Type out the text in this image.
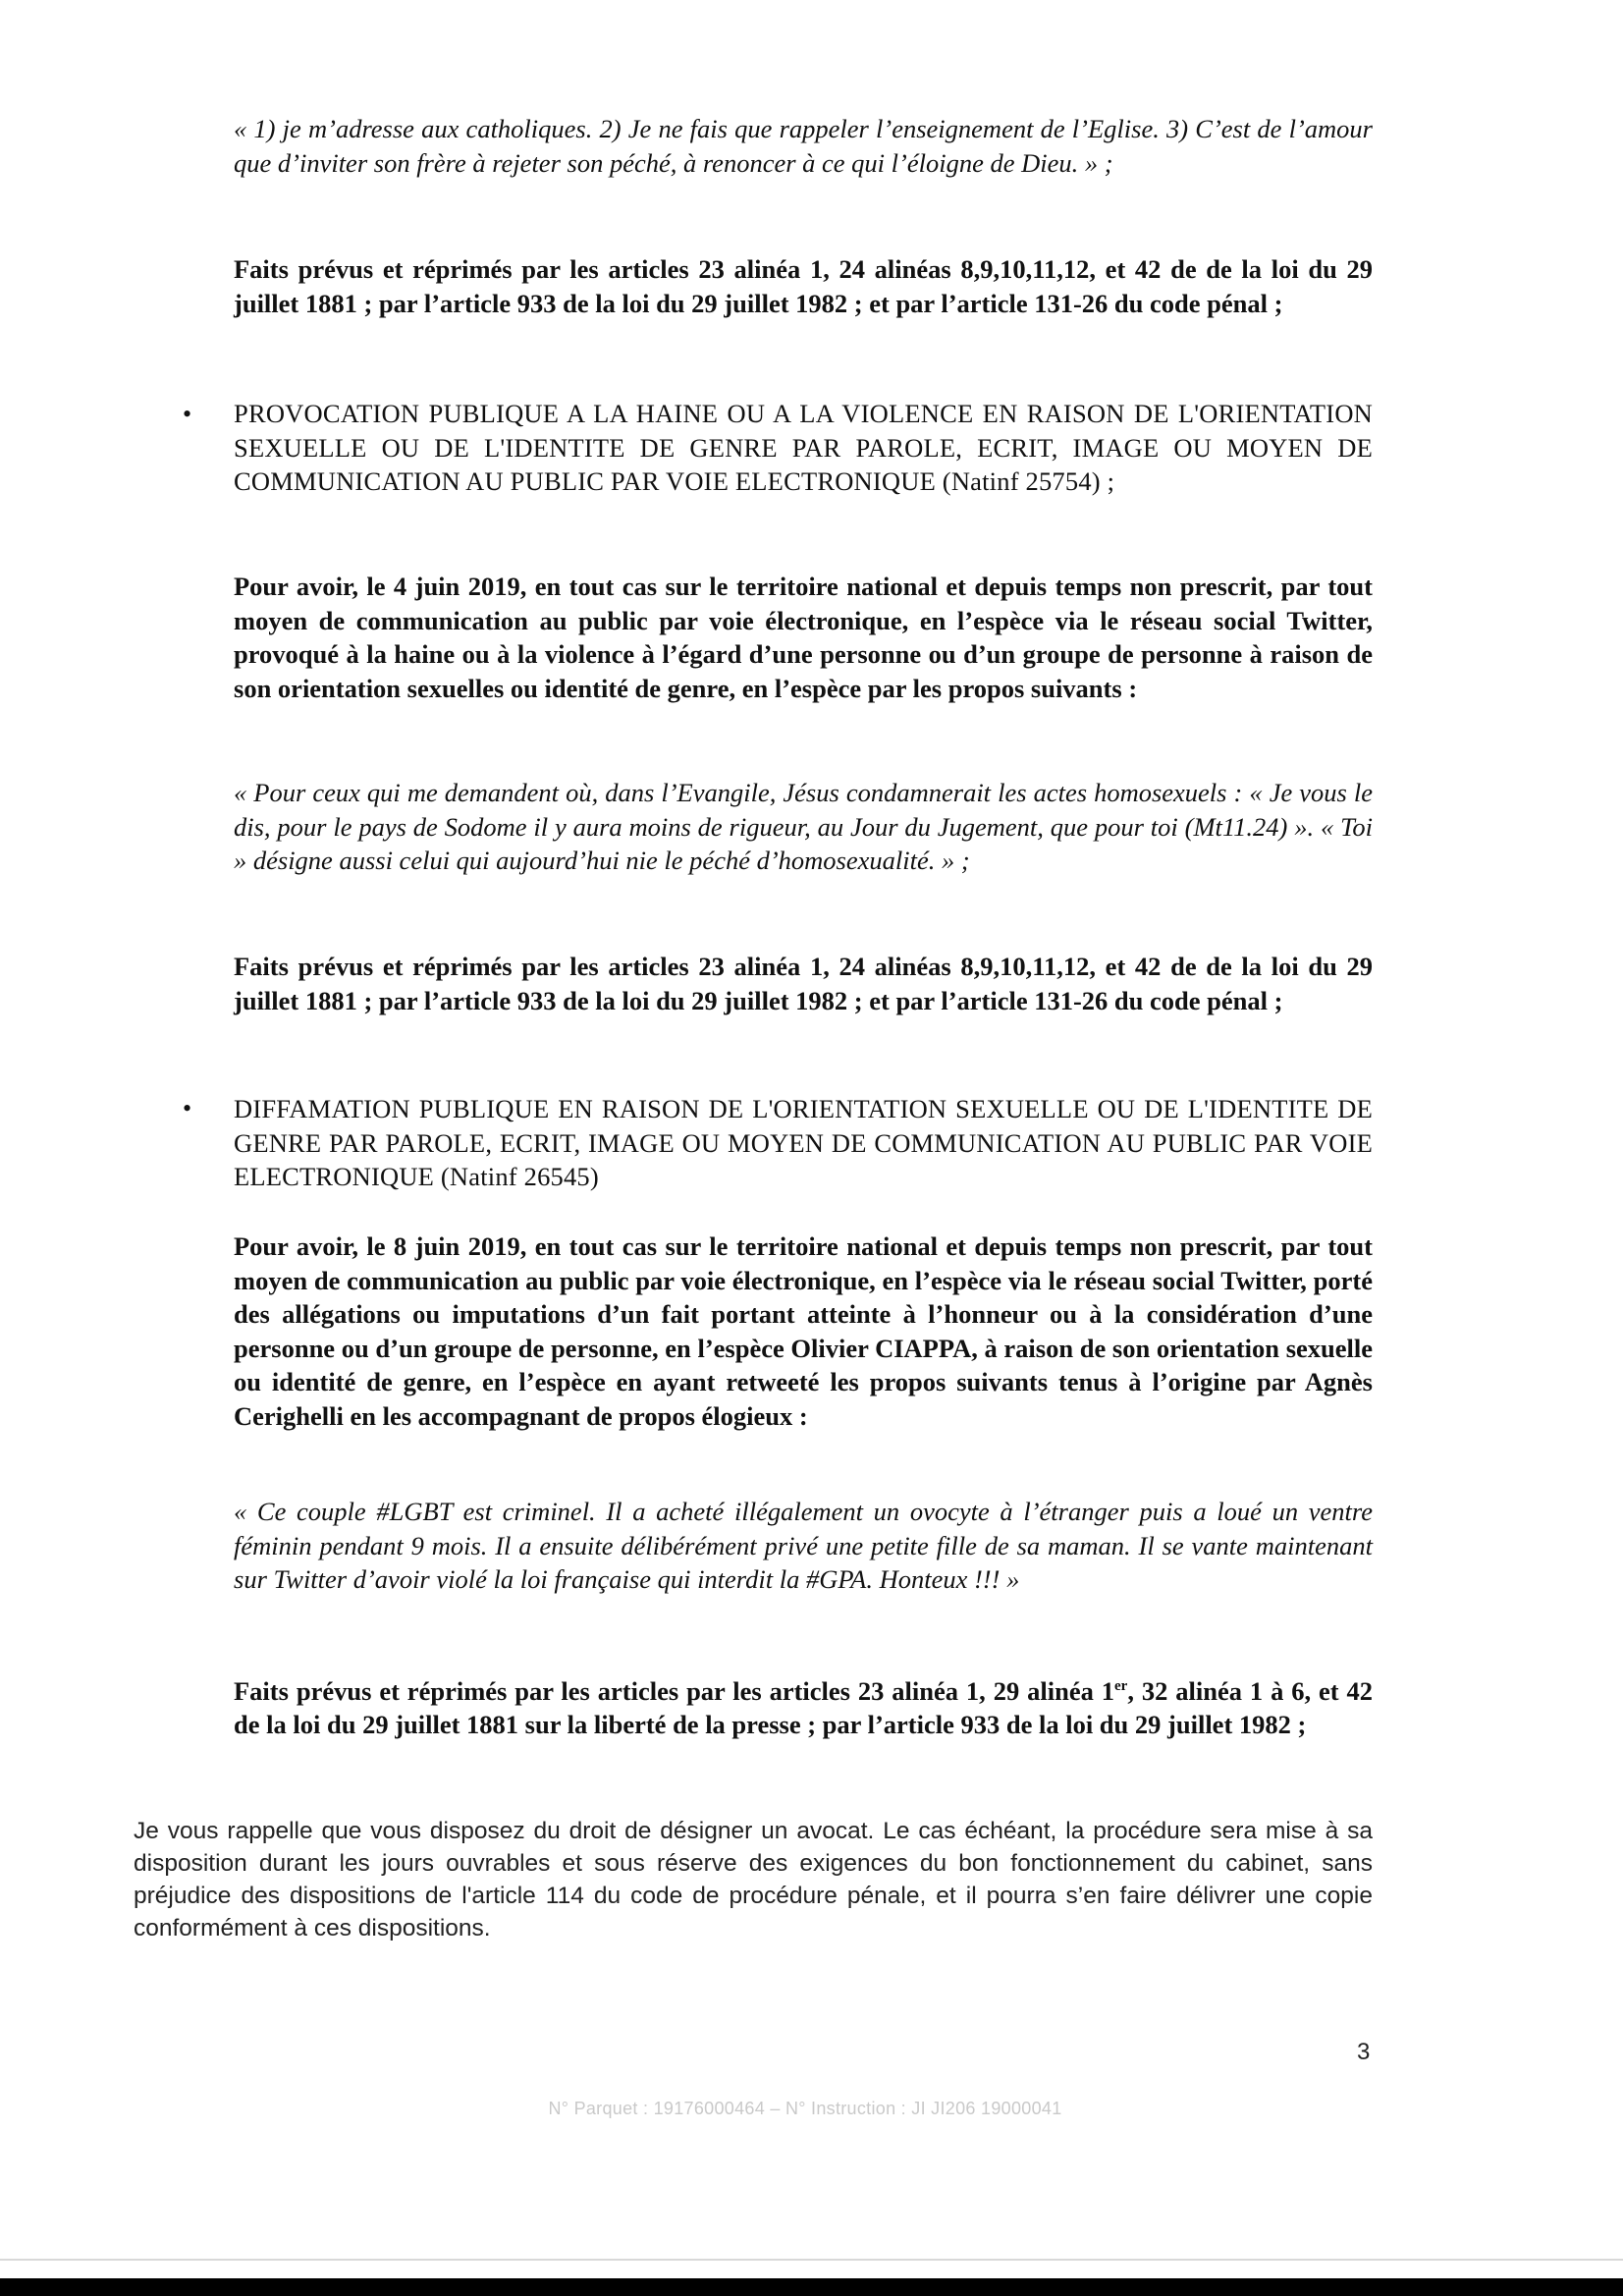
« 1) je m’adresse aux catholiques. 2) Je ne fais que rappeler l’enseignement de l’Eglise. 3) C’est de l’amour que d’inviter son frère à rejeter son péché, à renoncer à ce qui l’éloigne de Dieu. » ;

Faits prévus et réprimés par les articles 23 alinéa 1, 24 alinéas 8,9,10,11,12, et 42 de de la loi du 29 juillet 1881 ; par l’article 933 de la loi du 29 juillet 1982 ; et par l’article 131-26 du code pénal ;

• PROVOCATION PUBLIQUE A LA HAINE OU A LA VIOLENCE EN RAISON DE L'ORIENTATION SEXUELLE OU DE L'IDENTITE DE GENRE PAR PAROLE, ECRIT, IMAGE OU MOYEN DE COMMUNICATION AU PUBLIC PAR VOIE ELECTRONIQUE (Natinf 25754) ;

Pour avoir, le 4 juin 2019, en tout cas sur le territoire national et depuis temps non prescrit, par tout moyen de communication au public par voie électronique, en l’espèce via le réseau social Twitter, provoqué à la haine ou à la violence à l’égard d’une personne ou d’un groupe de personne à raison de son orientation sexuelles ou identité de genre, en l’espèce par les propos suivants :

« Pour ceux qui me demandent où, dans l’Evangile, Jésus condamnerait les actes homosexuels : « Je vous le dis, pour le pays de Sodome il y aura moins de rigueur, au Jour du Jugement, que pour toi (Mt11.24) ». « Toi » désigne aussi celui qui aujourd’hui nie le péché d’homosexualité. » ;

Faits prévus et réprimés par les articles 23 alinéa 1, 24 alinéas 8,9,10,11,12, et 42 de de la loi du 29 juillet 1881 ; par l’article 933 de la loi du 29 juillet 1982 ; et par l’article 131-26 du code pénal ;

• DIFFAMATION PUBLIQUE EN RAISON DE L'ORIENTATION SEXUELLE OU DE L'IDENTITE DE GENRE PAR PAROLE, ECRIT, IMAGE OU MOYEN DE COMMUNICATION AU PUBLIC PAR VOIE ELECTRONIQUE (Natinf 26545)

Pour avoir, le 8 juin 2019, en tout cas sur le territoire national et depuis temps non prescrit, par tout moyen de communication au public par voie électronique, en l’espèce via le réseau social Twitter, porté des allégations ou imputations d’un fait portant atteinte à l’honneur ou à la considération d’une personne ou d’un groupe de personne, en l’espèce Olivier CIAPPA, à raison de son orientation sexuelle ou identité de genre, en l’espèce en ayant retweeté les propos suivants tenus à l’origine par Agnès Cerighelli en les accompagnant de propos élogieux :

« Ce couple #LGBT est criminel. Il a acheté illégalement un ovocyte à l’étranger puis a loué un ventre féminin pendant 9 mois. Il a ensuite délibérément privé une petite fille de sa maman. Il se vante maintenant sur Twitter d’avoir violé la loi française qui interdit la #GPA. Honteux !!! »

Faits prévus et réprimés par les articles par les articles 23 alinéa 1, 29 alinéa 1er, 32 alinéa 1 à 6, et 42 de la loi du 29 juillet 1881 sur la liberté de la presse ; par l’article 933 de la loi du 29 juillet 1982 ;

Je vous rappelle que vous disposez du droit de désigner un avocat. Le cas échéant, la procédure sera mise à sa disposition durant les jours ouvrables et sous réserve des exigences du bon fonctionnement du cabinet, sans préjudice des dispositions de l'article 114 du code de procédure pénale, et il pourra s’en faire délivrer une copie conformément à ces dispositions.

3
N° Parquet : 19176000464 – N° Instruction : JI JI206 19000041
